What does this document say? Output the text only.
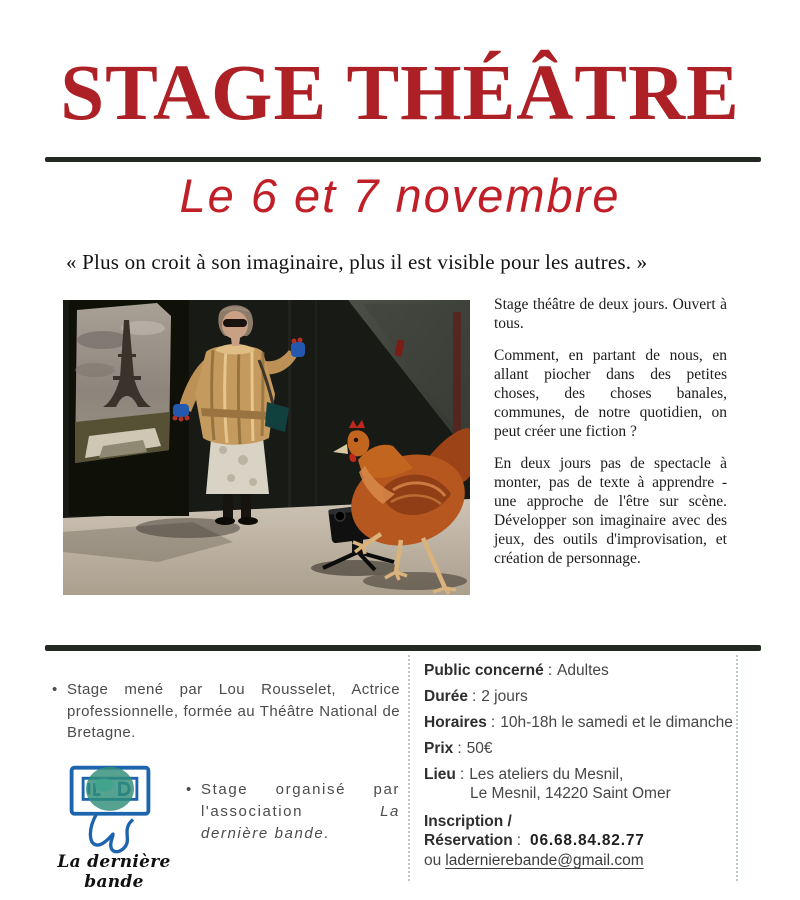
STAGE THÉÂTRE
Le 6 et 7 novembre
« Plus on croit à son imaginaire, plus il est visible pour les autres. »

Stage théâtre de deux jours. Ouvert à tous.

Comment, en partant de nous, en allant piocher dans des petites choses, des choses banales, communes, de notre quotidien, on peut créer une fiction ?

En deux jours pas de spectacle à monter, pas de texte à apprendre - une approche de l'être sur scène. Développer son imaginaire avec des jeux, des outils d'improvisation, et création de personnage.

• Stage mené par Lou Rousselet, Actrice professionnelle, formée au Théâtre National de Bretagne.
La dernière bande
• Stage organisé par l'association La dernière bande.
Public concerné : Adultes
Durée : 2 jours
Horaires : 10h-18h le samedi et le dimanche
Prix : 50€
Lieu : Les ateliers du Mesnil,
Le Mesnil, 14220 Saint Omer
Inscription / Réservation : 06.68.84.82.77
ou ladernierebande@gmail.com
